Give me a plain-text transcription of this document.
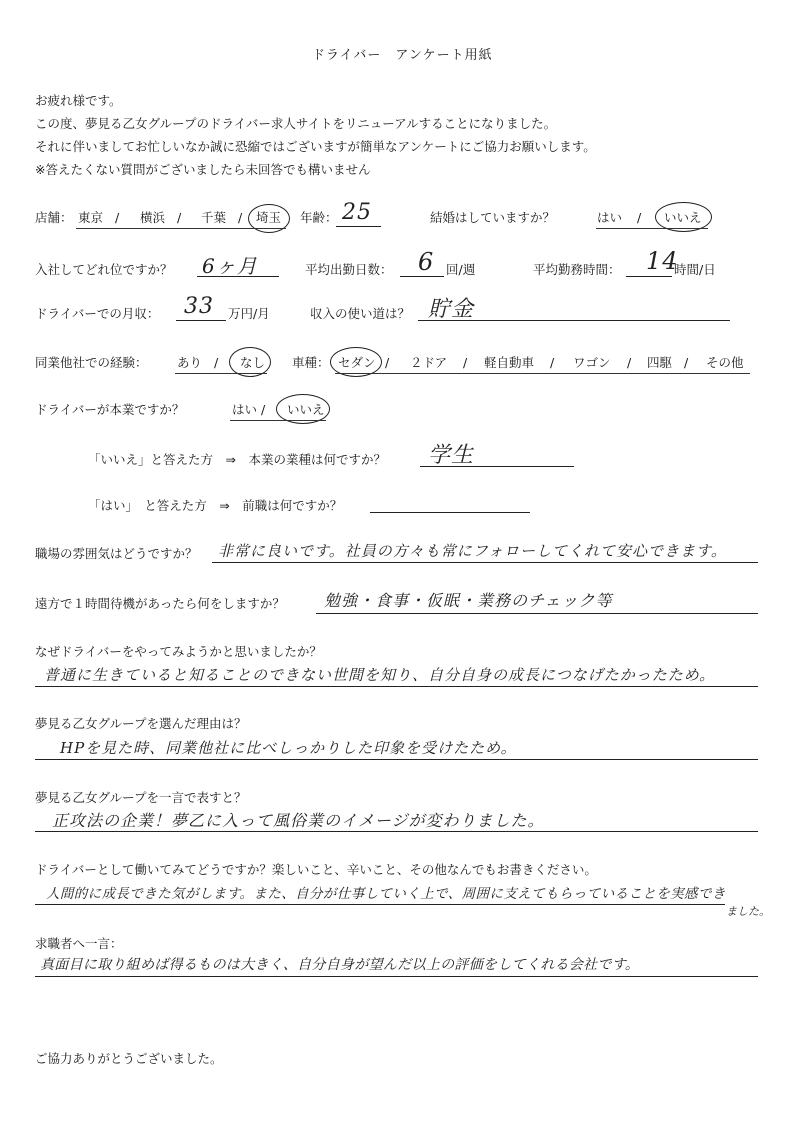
ドライバー　アンケート用紙
お疲れ様です。
この度、夢見る乙女グループのドライバー求人サイトをリニューアルすることになりました。
それに伴いましてお忙しいなか誠に恐縮ではございますが簡単なアンケートにご協力お願いします。
※答えたくない質問がございましたら未回答でも構いません
店舗： 東京 / 横浜 / 千葉 / 埼玉 年齢： 25	結婚はしていますか？	はい / いいえ
入社してどれ位ですか？ 6ヶ月	平均出勤日数： 6 回/週	平均勤務時間： 14
時間/日
ドライバーでの月収： 33 万円/月	収入の使い道は？ 貯金
同業他社での経験： あり / なし 車種： セダン / ２ドア / 軽自動車 / ワゴン / 四駆 / その他
ドライバーが本業ですか？	はい / いいえ
「いいえ」と答えた方　⇒　本業の業種は何ですか？ 学生
「はい」　と答えた方　⇒　前職は何ですか？
職場の雰囲気はどうですか？ 非常に良いです。社員の方々も常にフォローしてくれて安心できます。
遠方で１時間待機があったら何をしますか？ 勉強・食事・仮眠・業務のチェック等
なぜドライバーをやってみようかと思いましたか？
普通に生きていると知ることのできない世間を知り、自分自身の成長につなげたかったため。
夢見る乙女グループを選んだ理由は？
HPを見た時、同業他社に比べしっかりした印象を受けたため。
夢見る乙女グループを一言で表すと？
正攻法の企業！夢乙に入って風俗業のイメージが変わりました。
ドライバーとして働いてみてどうですか？楽しいこと、辛いこと、その他なんでもお書きください。
人間的に成長できた気がします。また、自分が仕事していく上で、周囲に支えてもらっていることを実感でき
ました。
求職者へ一言：
真面目に取り組めば得るものは大きく、自分自身が望んだ以上の評価をしてくれる会社です。
ご協力ありがとうございました。
